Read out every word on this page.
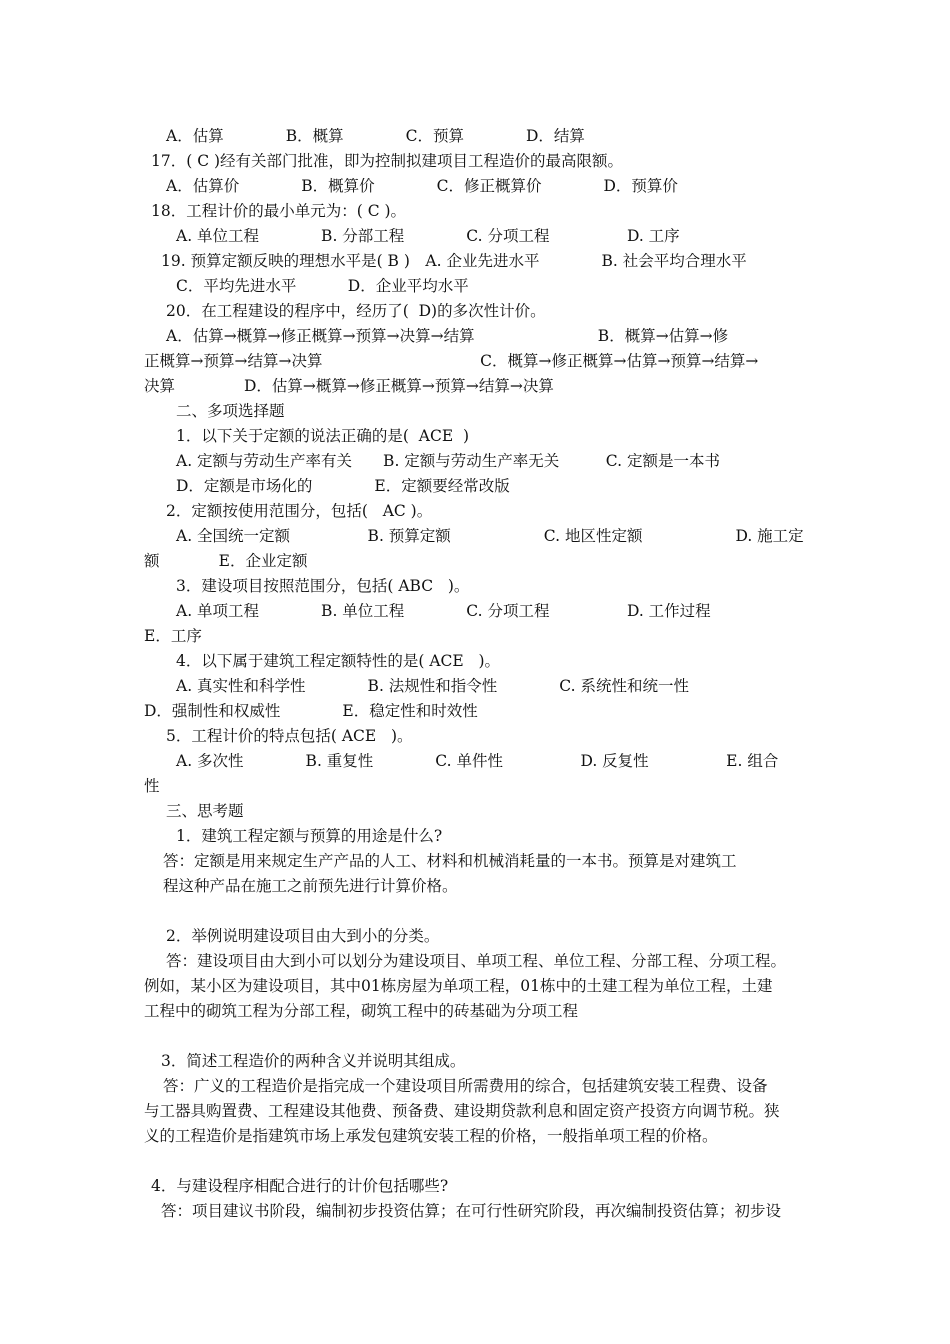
A．估算　　　　B．概算　　　　C．预算　　　　D．结算
17．( C )经有关部门批准，即为控制拟建项目工程造价的最高限额。
A．估算价　　　　B．概算价　　　　C．修正概算价　　　　D．预算价
18．工程计价的最小单元为：( C )。
A. 单位工程　　　　B. 分部工程　　　　C. 分项工程　　　　　D. 工序
19. 预算定额反映的理想水平是( B )　A. 企业先进水平　　　　B. 社会平均合理水平
C．平均先进水平　　　 D．企业平均水平
20．在工程建设的程序中，经历了(  D)的多次性计价。
A．估算→概算→修正概算→预算→决算→结算                         B．概算→估算→修
正概算→预算→结算→决算                                C．概算→修正概算→估算→预算→结算→
决算              D．估算→概算→修正概算→预算→结算→决算
二、多项选择题
1．以下关于定额的说法正确的是(  ACE  )
A. 定额与劳动生产率有关　　B. 定额与劳动生产率无关　　　C. 定额是一本书
D．定额是市场化的　　　　E．定额要经常改版
2．定额按使用范围分，包括(   AC )。
A. 全国统一定额　　　　　B. 预算定额　　　　　　C. 地区性定额　　　　　　D. 施工定
额            E．企业定额
3．建设项目按照范围分，包括( ABC   )。
A. 单项工程　　　　B. 单位工程　　　　C. 分项工程　　　　　D. 工作过程
E．工序
4．以下属于建筑工程定额特性的是( ACE   )。
A. 真实性和科学性　　　　B. 法规性和指令性　　　　C. 系统性和统一性
D．强制性和权威性　　　　E．稳定性和时效性
5．工程计价的特点包括( ACE   )。
A. 多次性　　　　B. 重复性　　　　C. 单件性　　　　　D. 反复性　　　　　E. 组合
性
三、思考题
1．建筑工程定额与预算的用途是什么?
答：定额是用来规定生产产品的人工、材料和机械消耗量的一本书。预算是对建筑工
程这种产品在施工之前预先进行计算价格。
2．举例说明建设项目由大到小的分类。
答：建设项目由大到小可以划分为建设项目、单项工程、单位工程、分部工程、分项工程。
例如，某小区为建设项目，其中01栋房屋为单项工程，01栋中的土建工程为单位工程，土建
工程中的砌筑工程为分部工程，砌筑工程中的砖基础为分项工程
3．简述工程造价的两种含义并说明其组成。
答：广义的工程造价是指完成一个建设项目所需费用的综合，包括建筑安装工程费、设备
与工器具购置费、工程建设其他费、预备费、建设期贷款利息和固定资产投资方向调节税。狭
义的工程造价是指建筑市场上承发包建筑安装工程的价格，一般指单项工程的价格。
4．与建设程序相配合进行的计价包括哪些?
答：项目建议书阶段，编制初步投资估算；在可行性研究阶段，再次编制投资估算；初步设
